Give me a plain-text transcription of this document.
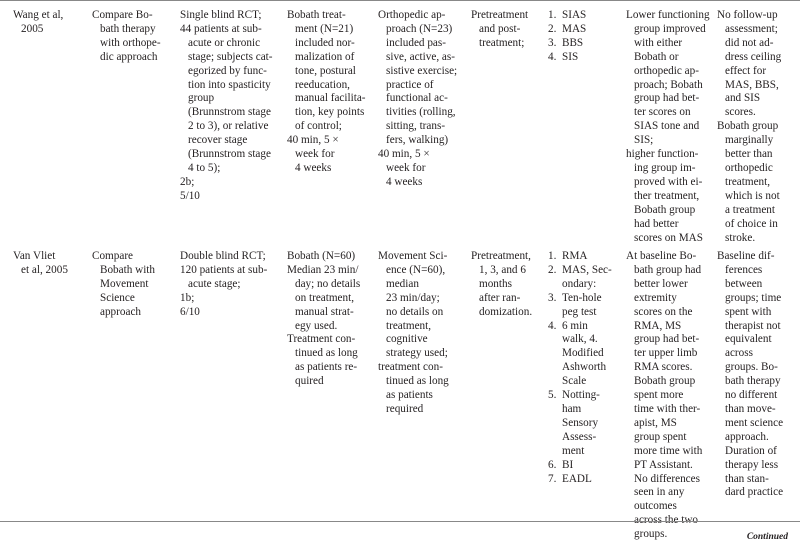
Wang et al,
2005
Compare Bo-
bath therapy
with orthope-
dic approach
Single blind RCT;
44 patients at sub-
acute or chronic
stage; subjects cat-
egorized by func-
tion into spasticity
group
(Brunnstrom stage
2 to 3), or relative
recover stage
(Brunnstrom stage
4 to 5);
2b;
5/10
Bobath treat-
ment (N=21)
included nor-
malization of
tone, postural
reeducation,
manual facilita-
tion, key points
of control;
40 min, 5 ×
week for
4 weeks
Orthopedic ap-
proach (N=23)
included pas-
sive, active, as-
sistive exercise;
practice of
functional ac-
tivities (rolling,
sitting, trans-
fers, walking)
40 min, 5 ×
week for
4 weeks
Pretreatment
and post-
treatment;
1. SIAS
2. MAS
3. BBS
4. SIS
Lower functioning
group improved
with either
Bobath or
orthopedic ap-
proach; Bobath
group had bet-
ter scores on
SIAS tone and
SIS;
higher function-
ing group im-
proved with ei-
ther treatment,
Bobath group
had better
scores on MAS
No follow-up
assessment;
did not ad-
dress ceiling
effect for
MAS, BBS,
and SIS
scores.
Bobath group
marginally
better than
orthopedic
treatment,
which is not
a treatment
of choice in
stroke.
Van Vliet
et al, 2005
Compare
Bobath with
Movement
Science
approach
Double blind RCT;
120 patients at sub-
acute stage;
1b;
6/10
Bobath (N=60)
Median 23 min/
day; no details
on treatment,
manual strat-
egy used.
Treatment con-
tinued as long
as patients re-
quired
Movement Sci-
ence (N=60),
median
23 min/day;
no details on
treatment,
cognitive
strategy used;
treatment con-
tinued as long
as patients
required
Pretreatment,
1, 3, and 6
months
after ran-
domization.
1. RMA
2. MAS, Sec-
ondary:
3. Ten-hole
peg test
4. 6 min
walk, 4.
Modified
Ashworth
Scale
5. Notting-
ham
Sensory
Assess-
ment
6. BI
7. EADL
At baseline Bo-
bath group had
better lower
extremity
scores on the
RMA, MS
group had bet-
ter upper limb
RMA scores.
Bobath group
spent more
time with ther-
apist, MS
group spent
more time with
PT Assistant.
No differences
seen in any
outcomes
across the two
groups.
Baseline dif-
ferences
between
groups; time
spent with
therapist not
equivalent
across
groups. Bo-
bath therapy
no different
than move-
ment science
approach.
Duration of
therapy less
than stan-
dard practice
Continued
